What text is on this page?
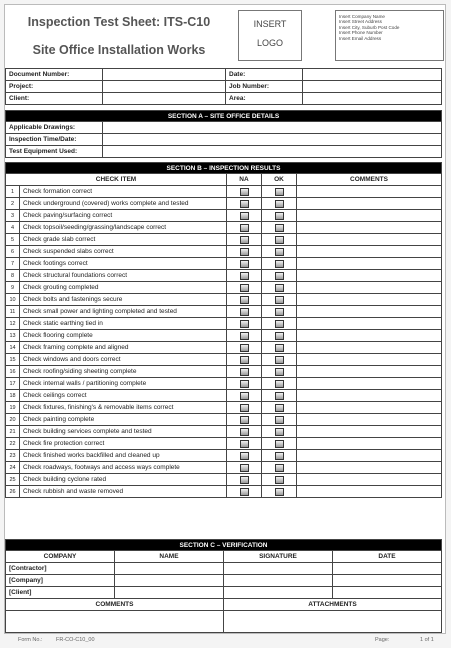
Inspection Test Sheet: ITS-C10
Site Office Installation Works
INSERT
LOGO
Insert Company Name
Insert Street Address
Insert City, Suburb Post Code
Insert Phone Number
Insert Email Address
Document Number:		Date:	
Project:		Job Number:	
Client:		Area:	

SECTION A – SITE OFFICE DETAILS			
Applicable Drawings:			
Inspection Time/Date:			
Test Equipment Used:			
SECTION B – INSPECTION RESULTS				
CHECK ITEM		NA	OK	COMMENTS
1	Check formation correct			
2	Check underground (covered) works complete and tested			
3	Check paving/surfacing correct			
4	Check topsoil/seeding/grassing/landscape correct			
5	Check grade slab correct			
6	Check suspended slabs correct			
7	Check footings correct			
8	Check structural foundations correct			
9	Check grouting completed			
10	Check bolts and fastenings secure			
11	Check small power and lighting completed and tested			
12	Check static earthing tied in			
13	Check flooring complete			
14	Check framing complete and aligned			
15	Check windows and doors correct			
16	Check roofing/siding sheeting complete			
17	Check internal walls / partitioning complete			
18	Check ceilings correct			
19	Check fixtures, finishing's & removable items correct			
20	Check painting complete			
21	Check building services complete and tested			
22	Check fire protection correct			
23	Check finished works backfilled and cleaned up			
24	Check roadways, footways and access ways complete			
25	Check building cyclone rated			
26	Check rubbish and waste removed			
SECTION C – VERIFICATION			
COMPANY	NAME	SIGNATURE	DATE
[Contractor]			
[Company]			
[Client]			
COMMENTS		ATTACHMENTS	

Form No.: FR-CO-C10_00	Page:	1 of 1
